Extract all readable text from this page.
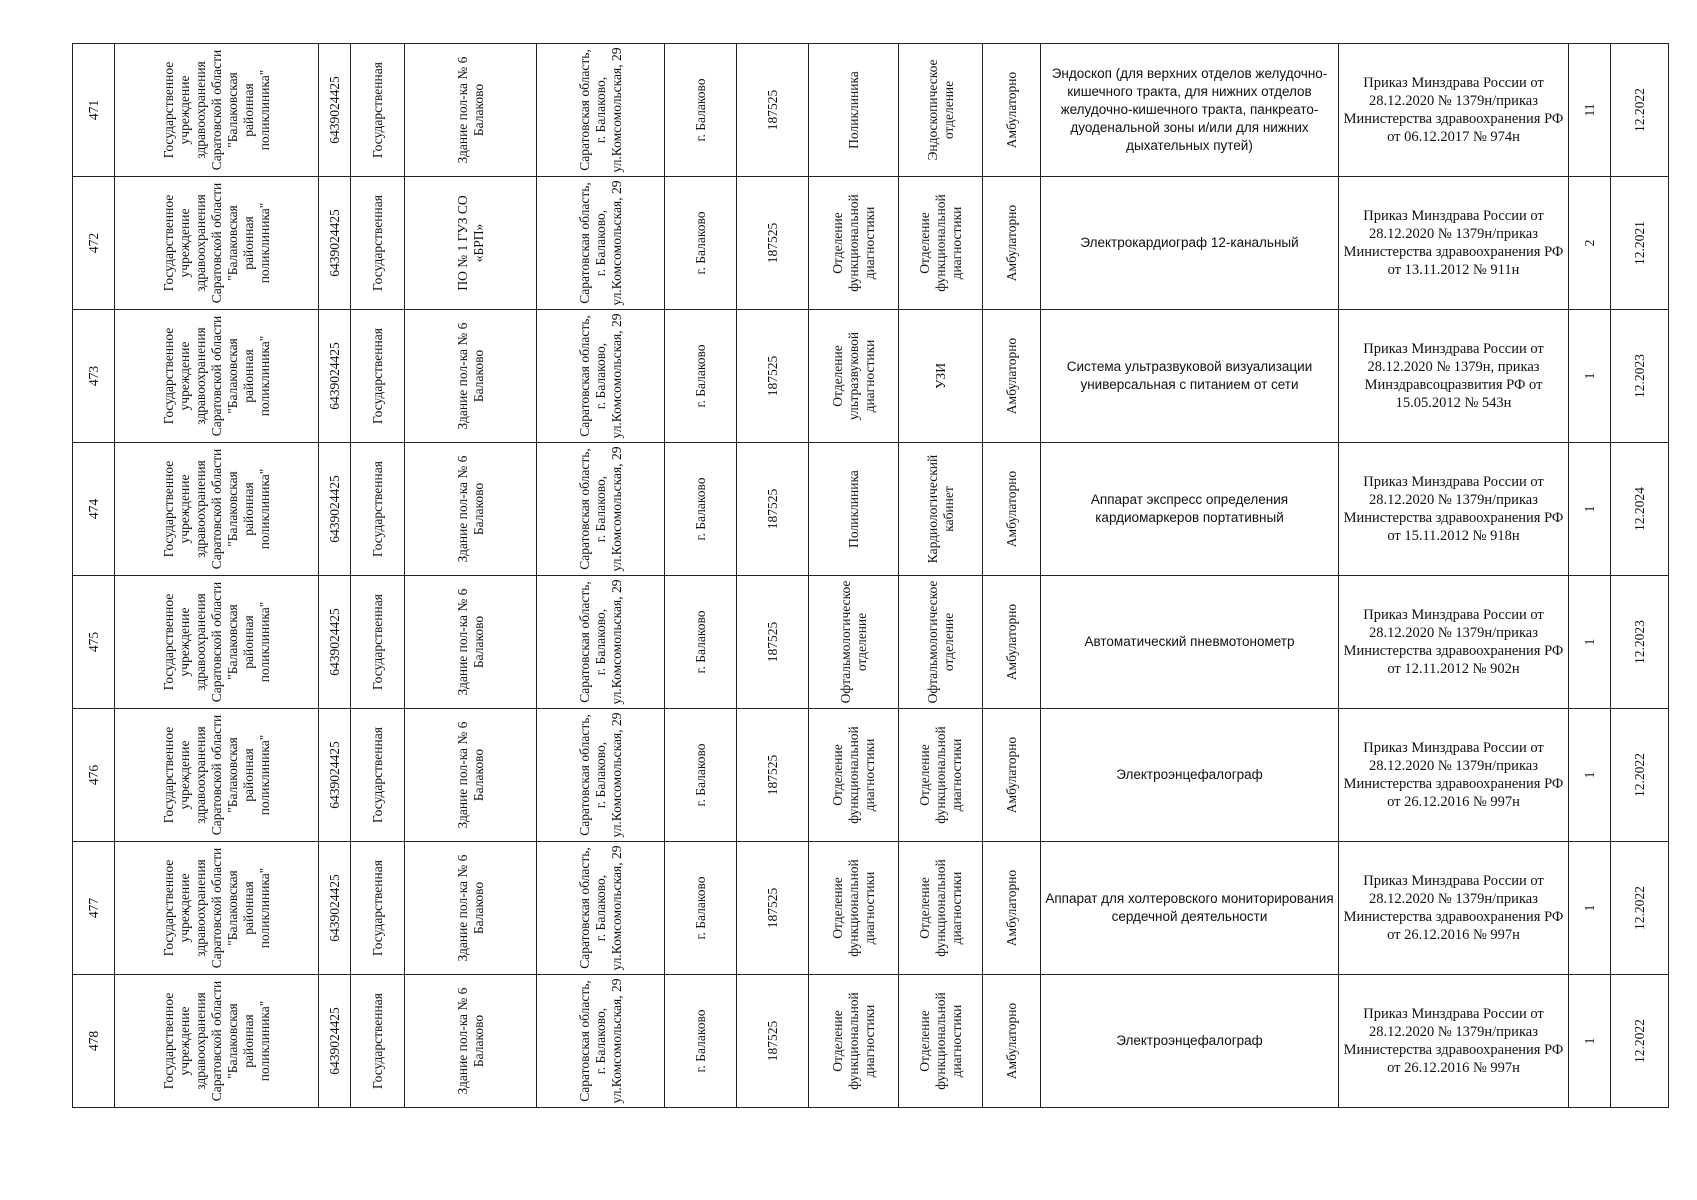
471	Государственное учреждение здравоохранения Саратовской области "Балаковская районная поликлиника"	6439024425	Государственная	Здание пол-ка № 6 Балаково	Саратовская область, г. Балаково, ул.Комсомольская, 29	г. Балаково	187525	Поликлиника	Эндоскопическое отделение	Амбулаторно	Эндоскоп (для верхних отделов желудочно- кишечного тракта, для нижних отделов желудочно-кишечного тракта, панкреато-дуоденальной зоны и/или для нижних дыхательных путей)	Приказ Минздрава России от 28.12.2020 № 1379н/приказ Министерства здравоохранения РФ от 06.12.2017 № 974н	11	12.2022

472	Государственное учреждение здравоохранения Саратовской области "Балаковская районная поликлиника"	6439024425	Государственная	ПО № 1 ГУЗ СО «БРП»	Саратовская область, г. Балаково, ул.Комсомольская, 29	г. Балаково	187525	Отделение функциональной диагностики	Отделение функциональной диагностики	Амбулаторно	Электрокардиограф 12-канальный	Приказ Минздрава России от 28.12.2020 № 1379н/приказ Министерства здравоохранения РФ от 13.11.2012 № 911н	2	12.2021

473	Государственное учреждение здравоохранения Саратовской области "Балаковская районная поликлиника"	6439024425	Государственная	Здание пол-ка № 6 Балаково	Саратовская область, г. Балаково, ул.Комсомольская, 29	г. Балаково	187525	Отделение ультразвуковой диагностики	УЗИ	Амбулаторно	Система ультразвуковой визуализации универсальная с питанием от сети	Приказ Минздрава России от 28.12.2020 № 1379н, приказ Минздравсоцразвития РФ от 15.05.2012 № 543н	1	12.2023

474	Государственное учреждение здравоохранения Саратовской области "Балаковская районная поликлиника"	6439024425	Государственная	Здание пол-ка № 6 Балаково	Саратовская область, г. Балаково, ул.Комсомольская, 29	г. Балаково	187525	Поликлиника	Кардиологический кабинет	Амбулаторно	Аппарат экспресс определения кардиомаркеров портативный	Приказ Минздрава России от 28.12.2020 № 1379н/приказ Министерства здравоохранения РФ от 15.11.2012 № 918н	1	12.2024

475	Государственное учреждение здравоохранения Саратовской области "Балаковская районная поликлиника"	6439024425	Государственная	Здание пол-ка № 6 Балаково	Саратовская область, г. Балаково, ул.Комсомольская, 29	г. Балаково	187525	Офтальмологическое отделение	Офтальмологическое отделение	Амбулаторно	Автоматический пневмотонометр	Приказ Минздрава России от 28.12.2020 № 1379н/приказ Министерства здравоохранения РФ от 12.11.2012 № 902н	1	12.2023

476	Государственное учреждение здравоохранения Саратовской области "Балаковская районная поликлиника"	6439024425	Государственная	Здание пол-ка № 6 Балаково	Саратовская область, г. Балаково, ул.Комсомольская, 29	г. Балаково	187525	Отделение функциональной диагностики	Отделение функциональной диагностики	Амбулаторно	Электроэнцефалограф	Приказ Минздрава России от 28.12.2020 № 1379н/приказ Министерства здравоохранения РФ от 26.12.2016 № 997н	1	12.2022

477	Государственное учреждение здравоохранения Саратовской области "Балаковская районная поликлиника"	6439024425	Государственная	Здание пол-ка № 6 Балаково	Саратовская область, г. Балаково, ул.Комсомольская, 29	г. Балаково	187525	Отделение функциональной диагностики	Отделение функциональной диагностики	Амбулаторно	Аппарат для холтеровского мониторирования сердечной деятельности	Приказ Минздрава России от 28.12.2020 № 1379н/приказ Министерства здравоохранения РФ от 26.12.2016 № 997н	1	12.2022

478	Государственное учреждение здравоохранения Саратовской области "Балаковская районная поликлиника"	6439024425	Государственная	Здание пол-ка № 6 Балаково	Саратовская область, г. Балаково, ул.Комсомольская, 29	г. Балаково	187525	Отделение функциональной диагностики	Отделение функциональной диагностики	Амбулаторно	Электроэнцефалограф	Приказ Минздрава России от 28.12.2020 № 1379н/приказ Министерства здравоохранения РФ от 26.12.2016 № 997н	1	12.2022
